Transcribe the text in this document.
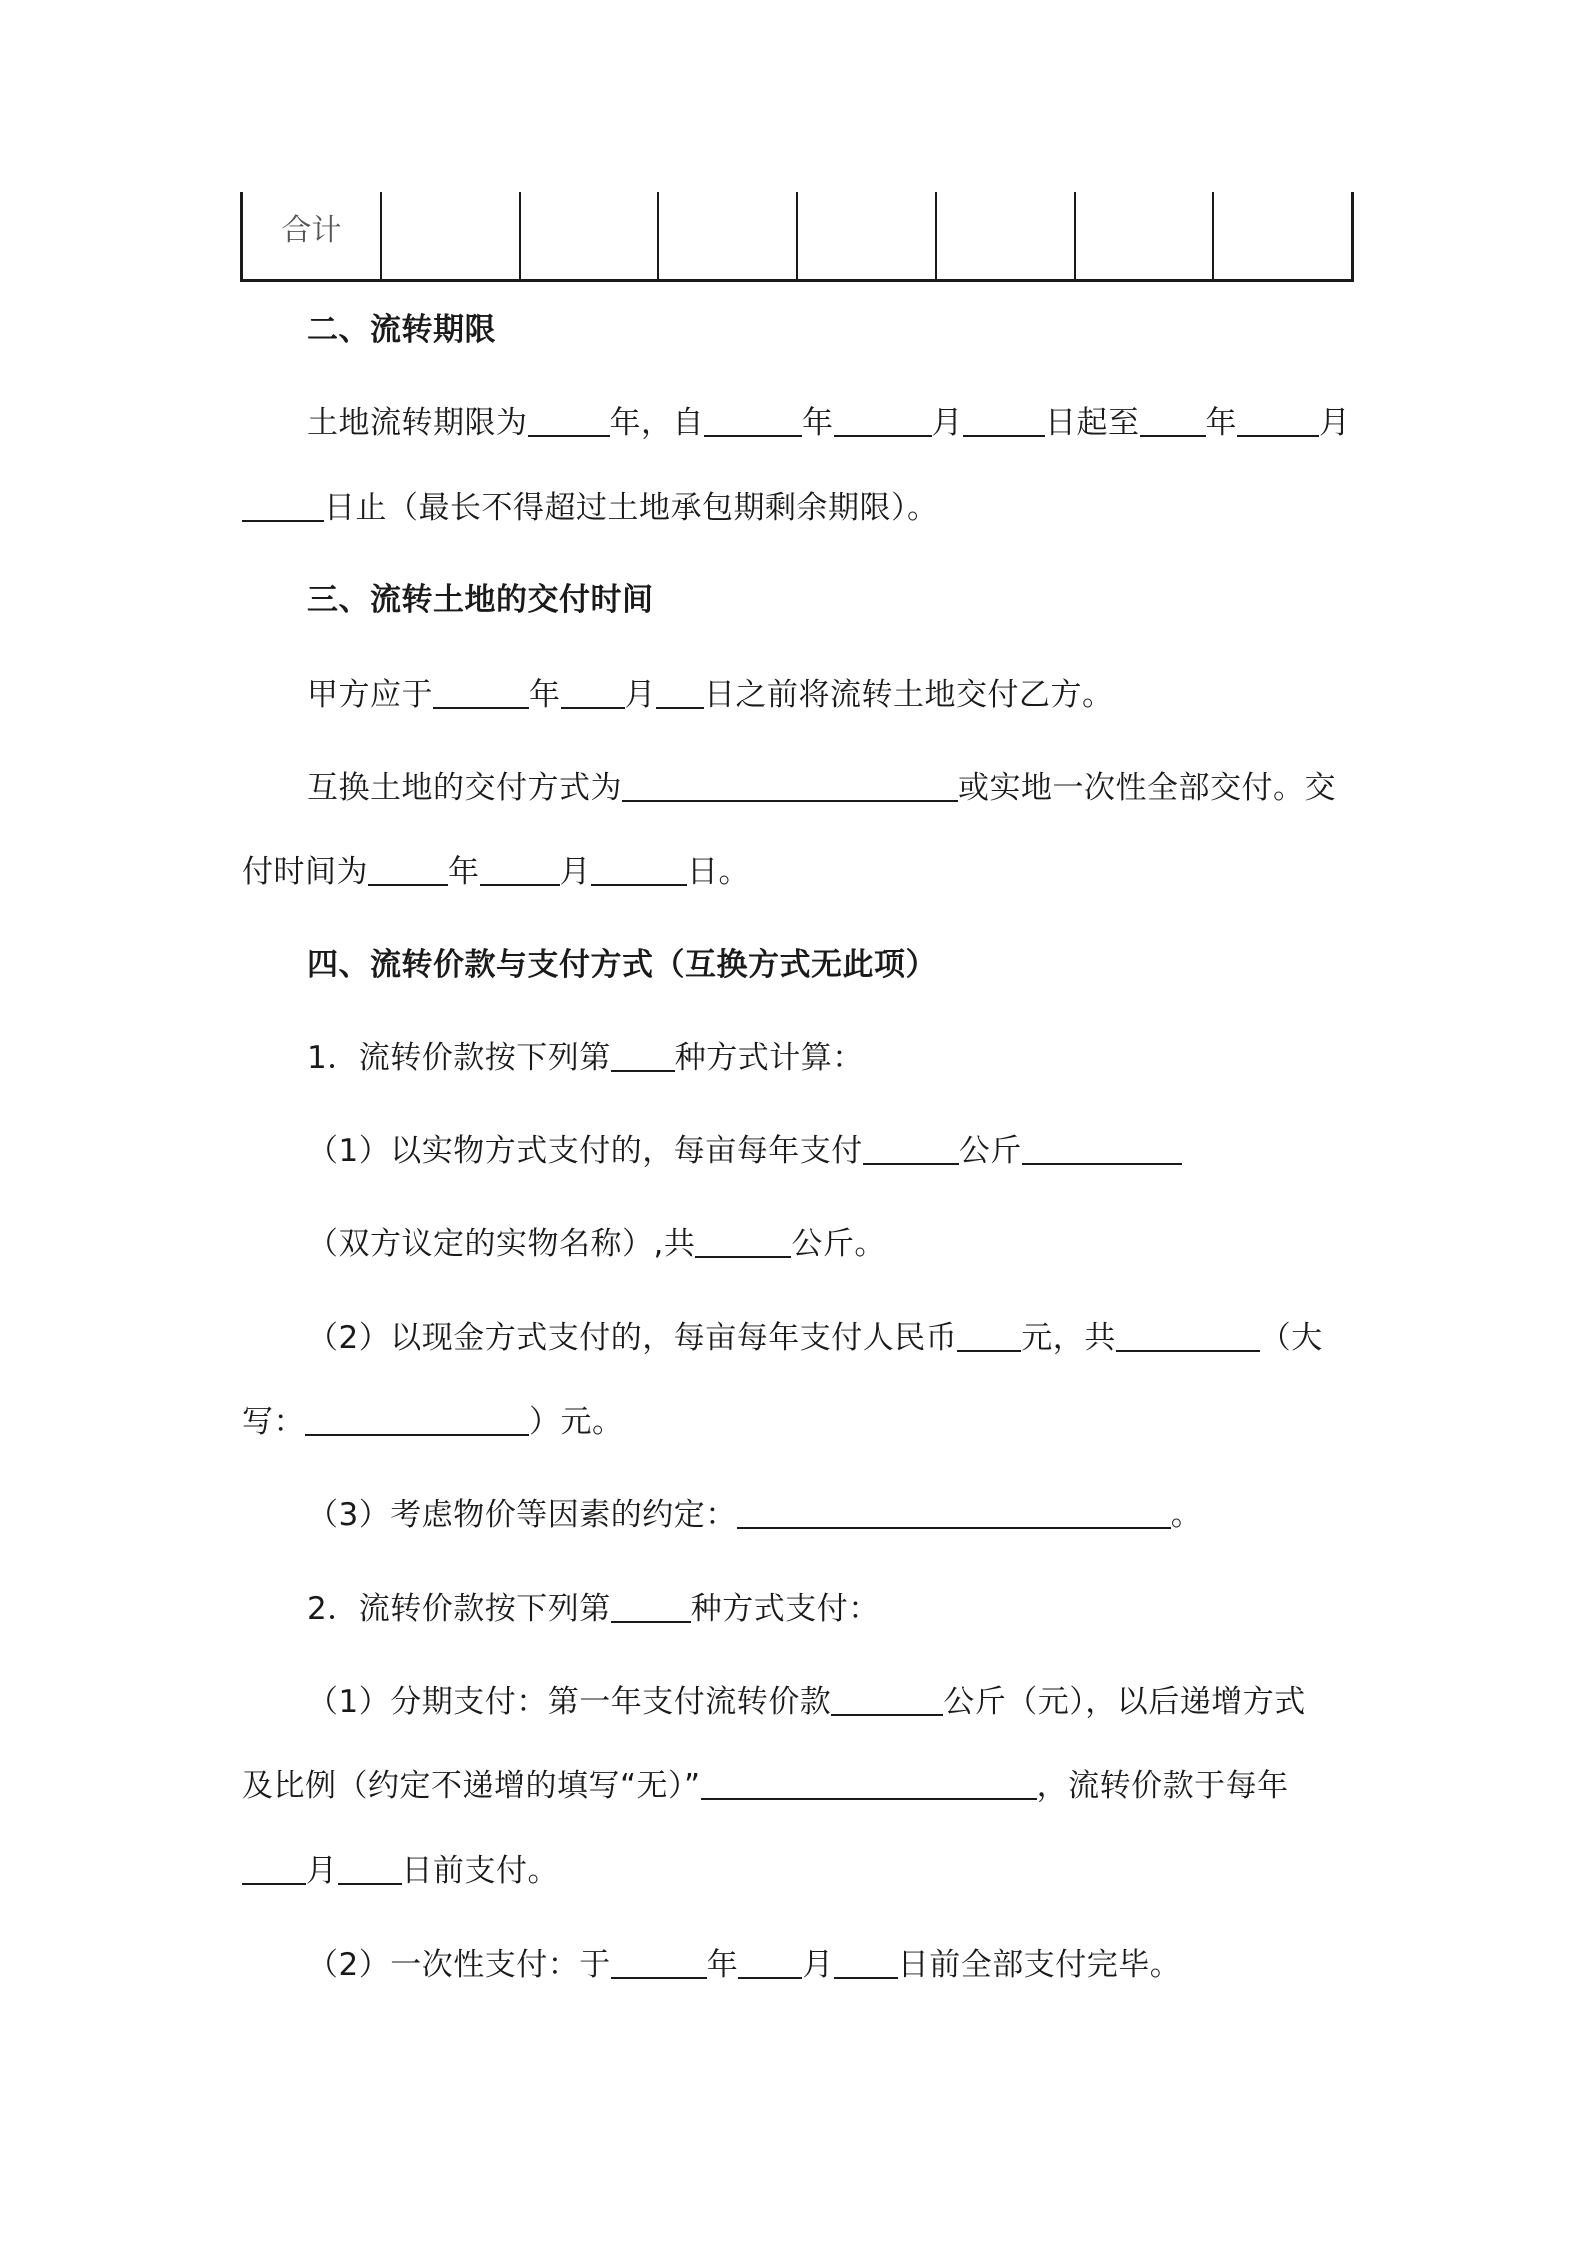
合计
二、流转期限
土地流转期限为	年，自	年	月	日起至 年	月
日止（最长不得超过土地承包期剩余期限）。
三、流转土地的交付时间
甲方应于	年 月 日之前将流转土地交付乙方。
互换土地的交付方式为	或实地一次性全部交付。交
付时间为	年	月	日。
四、流转价款与支付方式（互换方式无此项）
1．流转价款按下列第 种方式计算：
（1）以实物方式支付的，每亩每年支付	公斤
（双方议定的实物名称）,共	公斤。
（2）以现金方式支付的，每亩每年支付人民币 元，共	（大
写：	）元。
（3）考虑物价等因素的约定：	。
2．流转价款按下列第	种方式支付：
（1）分期支付：第一年支付流转价款	公斤（元），以后递增方式
及比例（约定不递增的填写“无）”	，流转价款于每年
月 日前支付。
（2）一次性支付：于	年 月 日前全部支付完毕。
